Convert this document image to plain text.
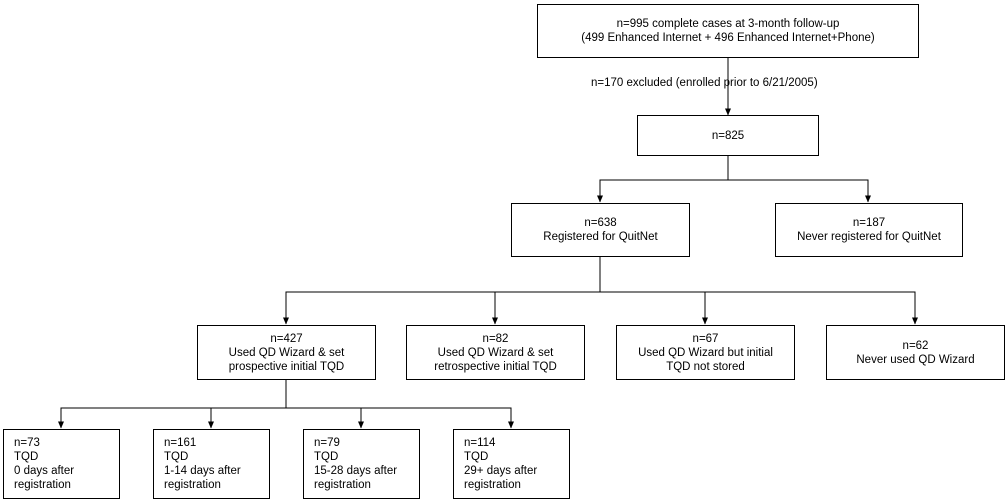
n=995 complete cases at 3-month follow-up
(499 Enhanced Internet + 496 Enhanced Internet+Phone)
n=170 excluded (enrolled prior to 6/21/2005)
n=825
n=638
Registered for QuitNet
n=187
Never registered for QuitNet
n=427
Used QD Wizard & set
prospective initial TQD
n=82
Used QD Wizard & set
retrospective initial TQD
n=67
Used QD Wizard but initial
TQD not stored
n=62
Never used QD Wizard
n=73
TQD
0 days after
registration
n=161
TQD
1-14 days after
registration
n=79
TQD
15-28 days after
registration
n=114
TQD
29+ days after
registration
